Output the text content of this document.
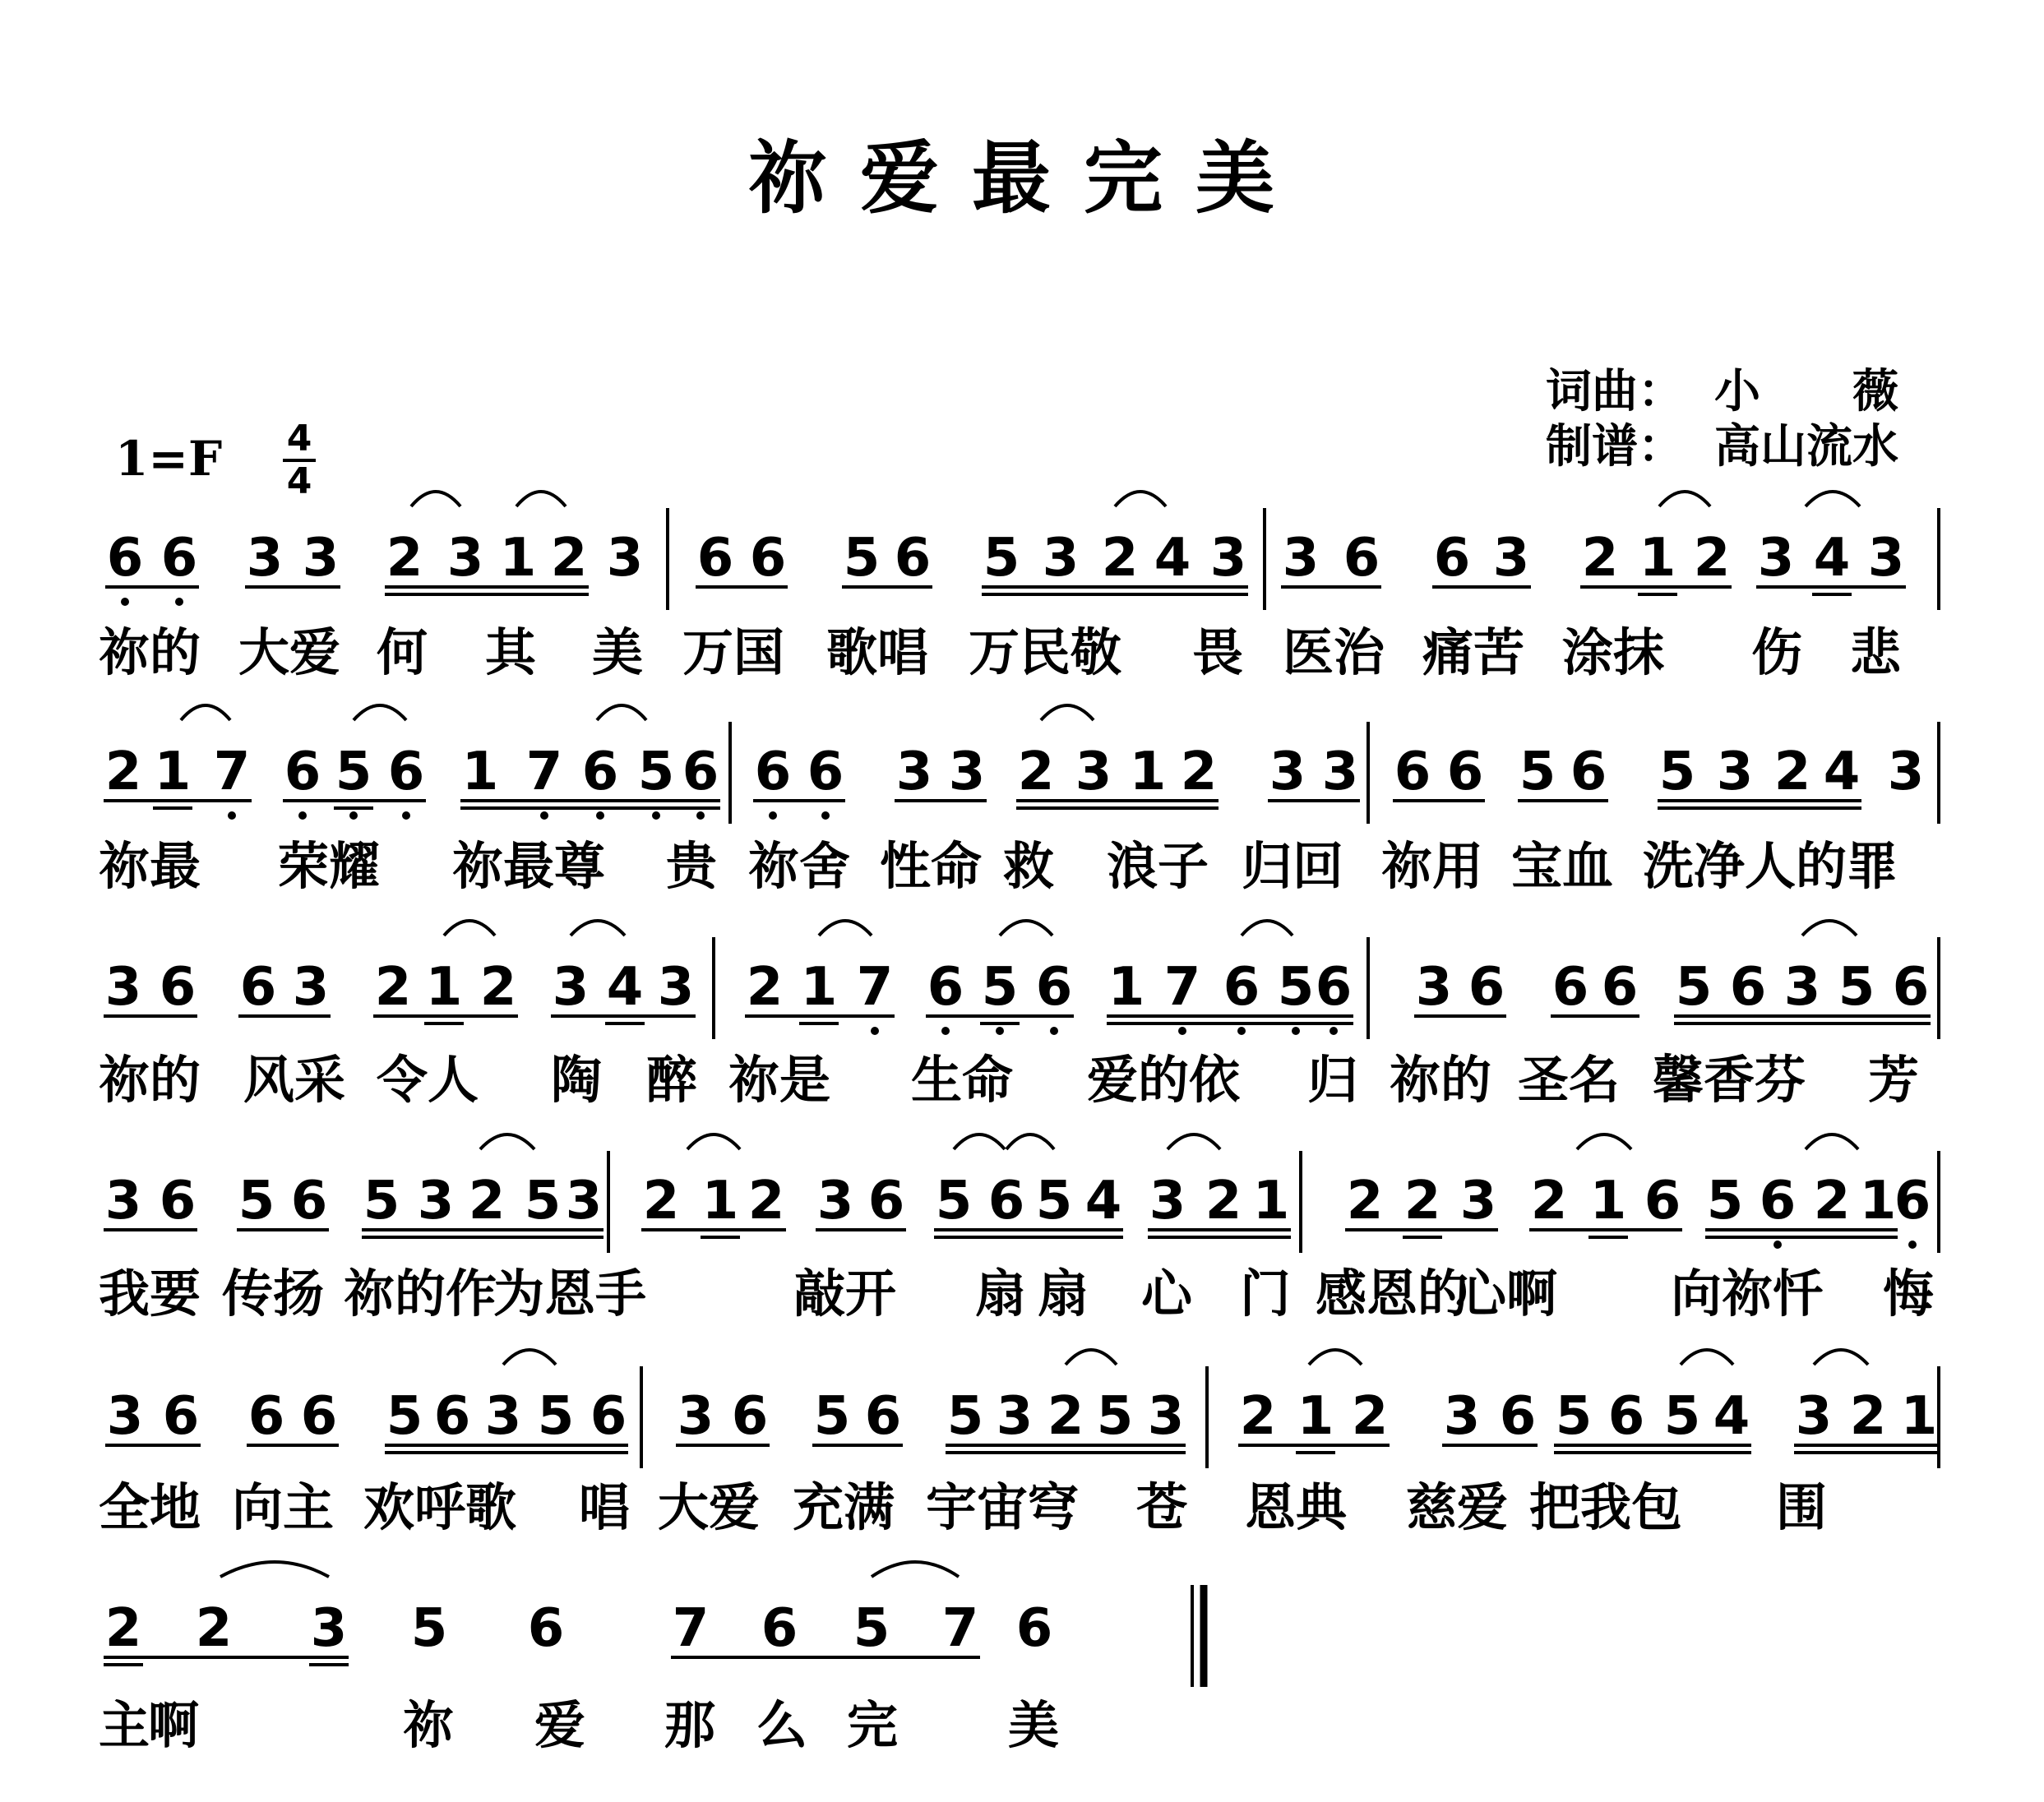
祢爱最完美
词曲： 小　　薇
制谱： 高山流水
1=F 4
4
6 6 3 3 2 3 1 2 3 6 6 5 6 5 3 2 4 3 3 6 6 3 2 1 2 3 4 3
祢的 大爱 何 其 美 万国 歌唱 万民敬 畏 医治 痛苦 涂抹 伤 悲
2 1 7 6 5 6 1 7 6 5 6 6 6 3 3 2 3 1 2 3 3 6 6 5 6 5 3 2 4 3
祢最 荣耀 祢最尊 贵 祢舍 性命 救 浪子 归回 祢用 宝血 洗净人的罪
3 6 6 3 2 1 2 3 4 3 2 1 7 6 5 6 1 7 6 5 6 3 6 6 6 5 6 3 5 6
祢的 风采 令人 陶 醉 祢是 生命 爱的依 归 祢的 圣名 馨香芬 芳
3 6 5 6 5 3 2 5 3 2 1 2 3 6 5 6 5 4 3 2 1 2 2 3 2 1 6 5 6 2 1
6
我要 传扬 祢的作
为恩手	敲开 扇 扇 心 门 感恩的
心啊 向祢忏 悔
3 6 6 6 5 6 3 5 6 3 6 5 6 5 3 2 5 3 2 1 2 3 6 5 6 5 4 3 2 1
全地 向主 欢呼歌 唱 大爱 充满 宇宙穹 苍 恩典 慈爱 把我包 围
2 2 3 5 6 7 6 5 7 6
主
啊	祢 爱 那 么 完 美
